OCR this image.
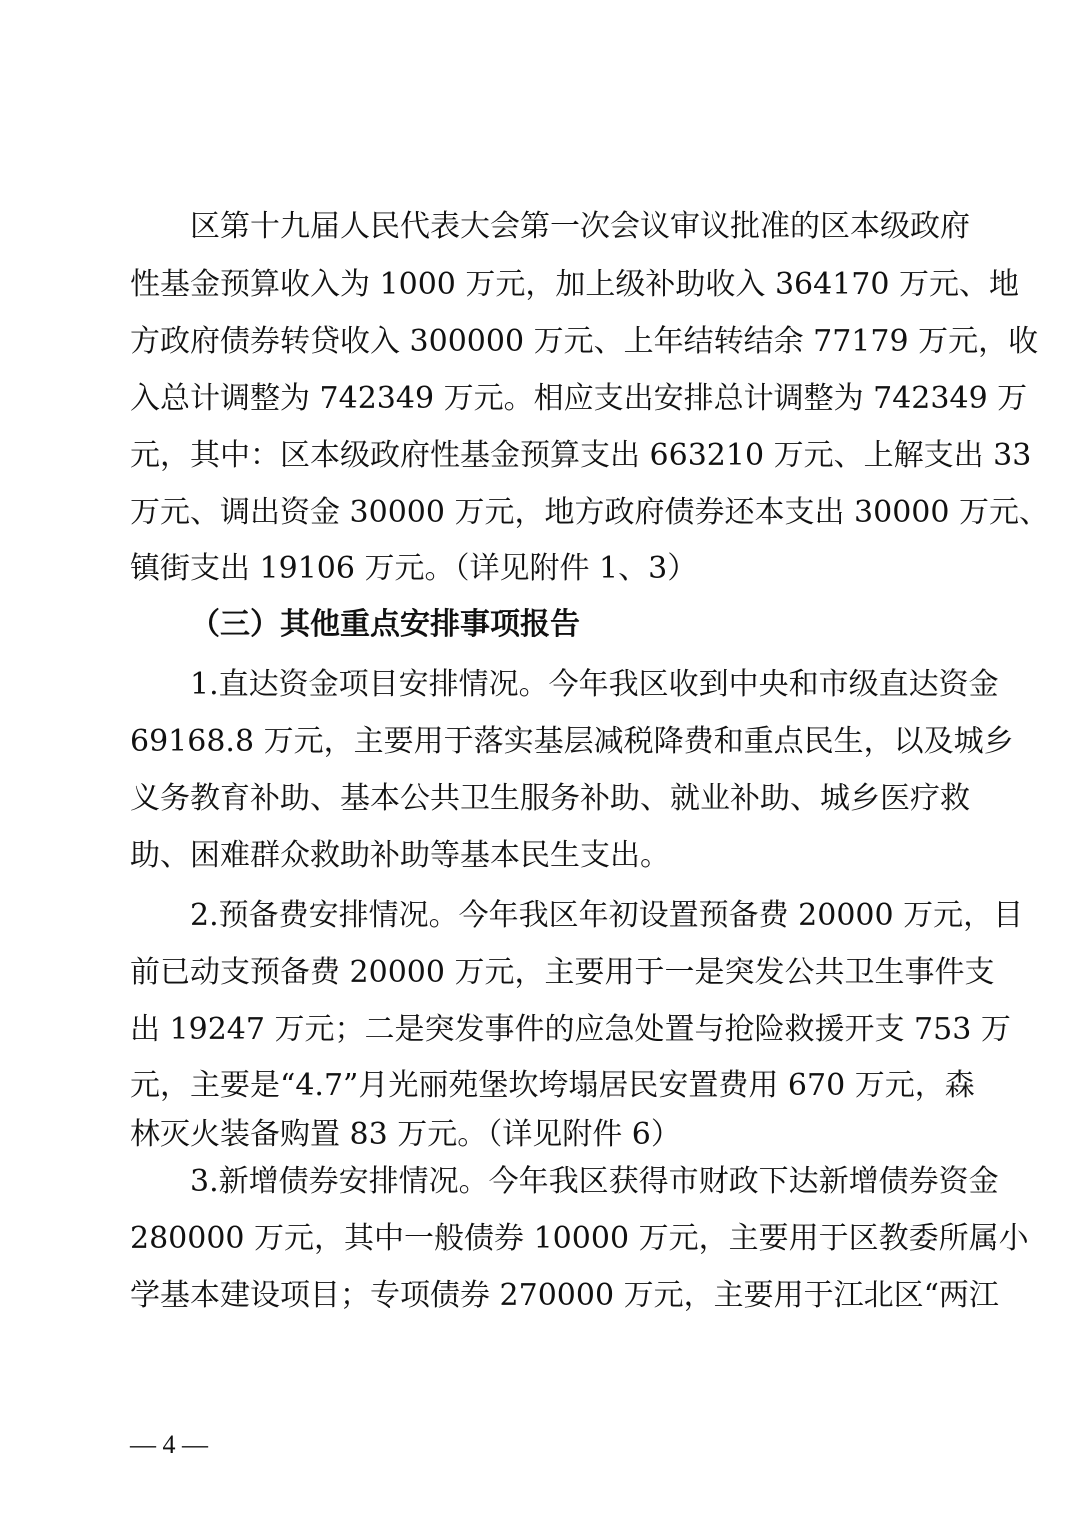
区第十九届人民代表大会第一次会议审议批准的区本级政府
性基金预算收入为 1000 万元，加上级补助收入 364170 万元、地
方政府债券转贷收入 300000 万元、上年结转结余 77179 万元，收
入总计调整为 742349 万元。相应支出安排总计调整为 742349 万
元，其中：区本级政府性基金预算支出 663210 万元、上解支出 33
万元、调出资金 30000 万元，地方政府债券还本支出 30000 万元、
镇街支出 19106 万元。（详见附件 1、3）
（三）其他重点安排事项报告
1.直达资金项目安排情况。今年我区收到中央和市级直达资金
69168.8 万元，主要用于落实基层减税降费和重点民生，以及城乡
义务教育补助、基本公共卫生服务补助、就业补助、城乡医疗救
助、困难群众救助补助等基本民生支出。
2.预备费安排情况。今年我区年初设置预备费 20000 万元，目
前已动支预备费 20000 万元，主要用于一是突发公共卫生事件支
出 19247 万元；二是突发事件的应急处置与抢险救援开支 753 万
元，主要是“4.7”月光丽苑堡坎垮塌居民安置费用 670 万元，森
林灭火装备购置 83 万元。（详见附件 6）
3.新增债券安排情况。今年我区获得市财政下达新增债券资金
280000 万元，其中一般债券 10000 万元，主要用于区教委所属小
学基本建设项目；专项债券 270000 万元，主要用于江北区“两江
— 4 —
